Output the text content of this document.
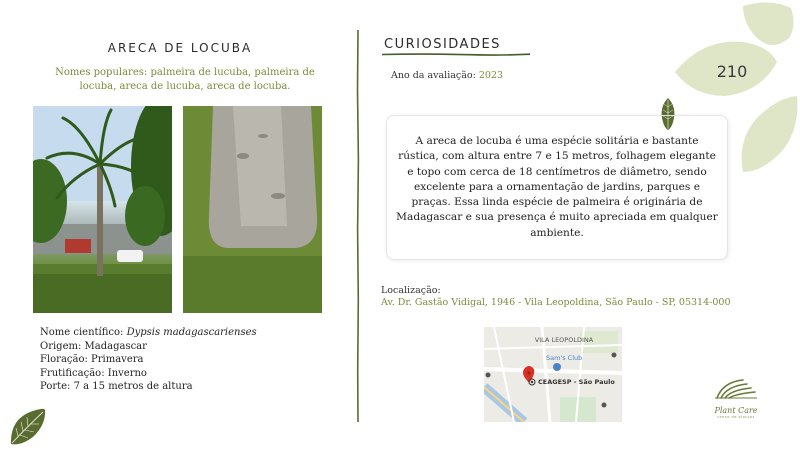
ARECA DE LOCUBA
Nomes populares: palmeira de lucuba, palmeira de locuba, areca de lucuba, areca de locuba.
Nome científico: Dypsis madagascarienses
Origem: Madagascar
Floração: Primavera
Frutificação: Inverno
Porte: 7 a 15 metros de altura
CURIOSIDADES
Ano da avaliação: 2023

A areca de locuba é uma espécie solitária e bastante rústica, com altura entre 7 e 15 metros, folhagem elegante e topo com cerca de 18 centímetros de diâmetro, sendo excelente para a ornamentação de jardins, parques e praças. Essa linda espécie de palmeira é originária de Madagascar e sua presença é muito apreciada em qualquer ambiente.

Localização:
Av. Dr. Gastão Vidigal, 1946 - Vila Leopoldina, São Paulo - SP, 05314-000
VILA LEOPOLDINA
Sam's Club
CEAGESP - São Paulo
210
Plant Care
censo de plantas
